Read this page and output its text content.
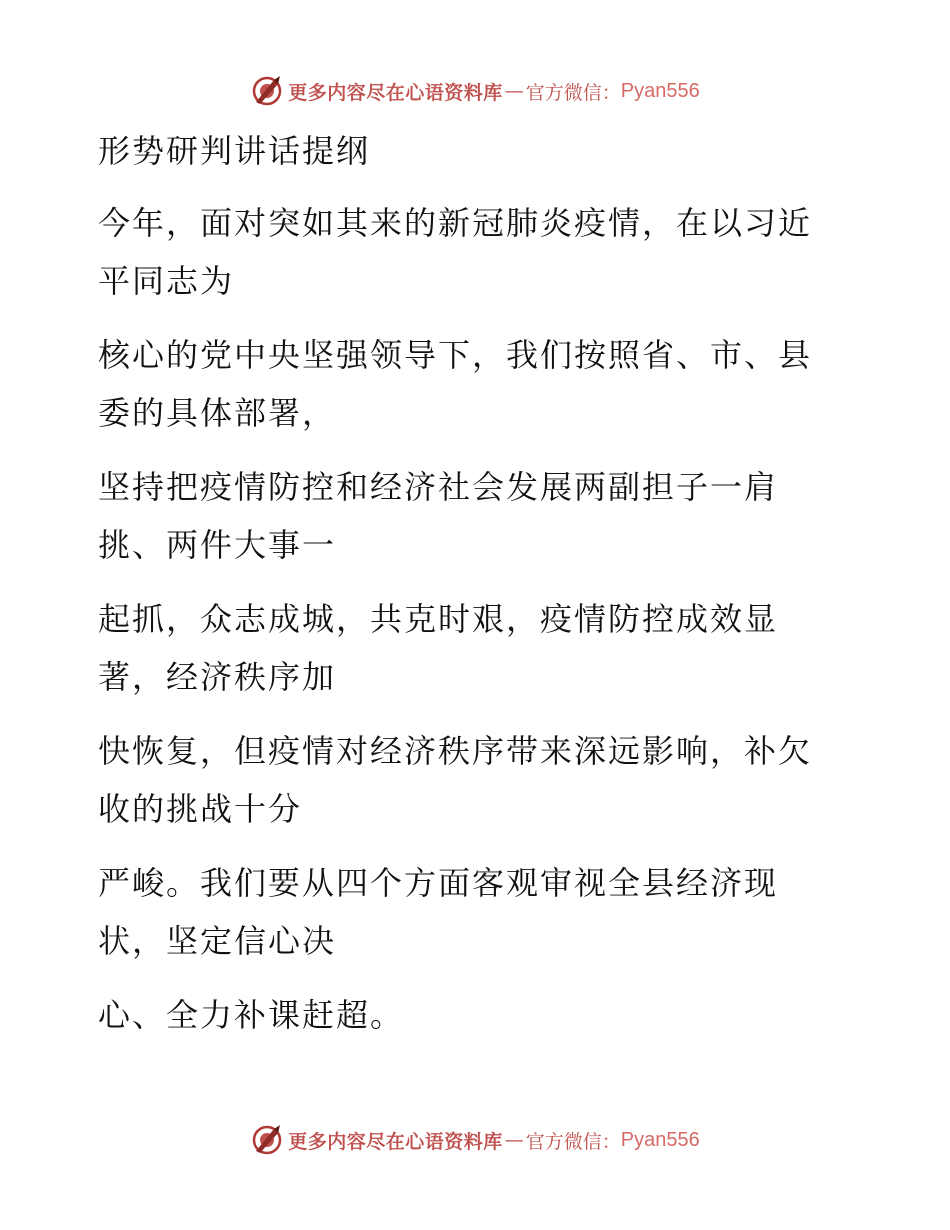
更多内容尽在心语资料库 — 官方微信： Pyan556

形势研判讲话提纲

今年，面对突如其来的新冠肺炎疫情，在以习近
平同志为

核心的党中央坚强领导下，我们按照省、市、县
委的具体部署，

坚持把疫情防控和经济社会发展两副担子一肩
挑、两件大事一

起抓，众志成城，共克时艰，疫情防控成效显
著，经济秩序加

快恢复，但疫情对经济秩序带来深远影响，补欠
收的挑战十分

严峻。我们要从四个方面客观审视全县经济现
状，坚定信心决

心、全力补课赶超。

更多内容尽在心语资料库 — 官方微信： Pyan556
